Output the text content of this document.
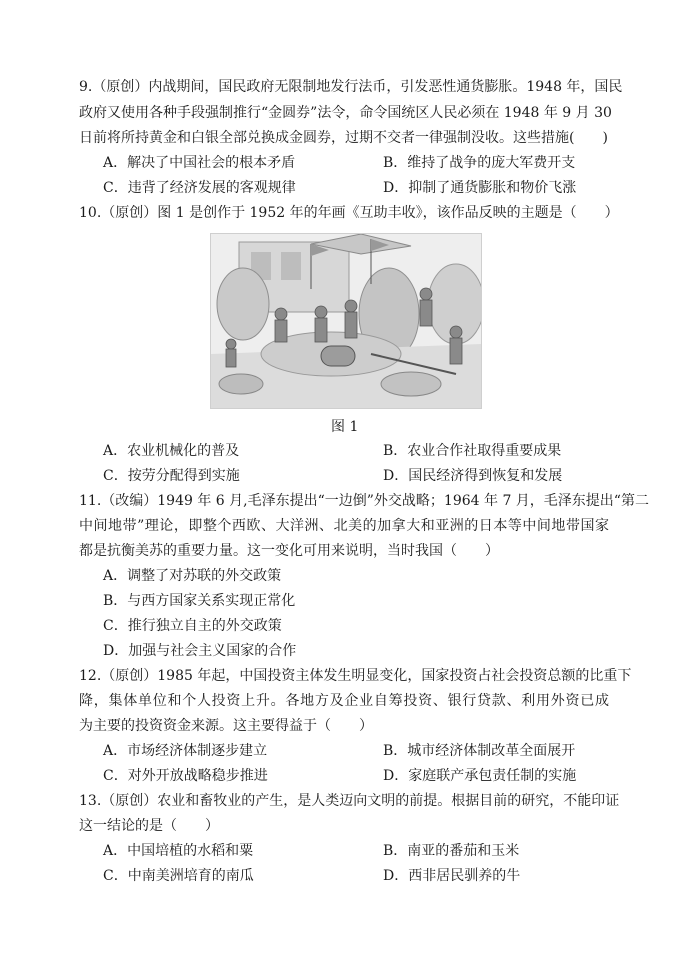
9.（原创）内战期间，国民政府无限制地发行法币，引发恶性通货膨胀。1948 年，国民
政府又使用各种手段强制推行“金圆券”法令，命令国统区人民必须在 1948 年 9 月 30
日前将所持黄金和白银全部兑换成金圆券，过期不交者一律强制没收。这些措施(　　)
A．解决了中国社会的根本矛盾	B．维持了战争的庞大军费开支
C．违背了经济发展的客观规律	D．抑制了通货膨胀和物价飞涨
10.（原创）图 1 是创作于 1952 年的年画《互助丰收》，该作品反映的主题是（　　）
图 1
A．农业机械化的普及	B．农业合作社取得重要成果
C．按劳分配得到实施	D．国民经济得到恢复和发展
11.（改编）1949 年 6 月,毛泽东提出“一边倒”外交战略；1964 年 7 月，毛泽东提出“第二
中间地带”理论，即整个西欧、大洋洲、北美的加拿大和亚洲的日本等中间地带国家
都是抗衡美苏的重要力量。这一变化可用来说明，当时我国（　　）
A．调整了对苏联的外交政策
B．与西方国家关系实现正常化
C．推行独立自主的外交政策
D．加强与社会主义国家的合作
12.（原创）1985 年起，中国投资主体发生明显变化，国家投资占社会投资总额的比重下
降，集体单位和个人投资上升。各地方及企业自筹投资、银行贷款、利用外资已成
为主要的投资资金来源。这主要得益于（　　）
A．市场经济体制逐步建立	B．城市经济体制改革全面展开
C．对外开放战略稳步推进	D．家庭联产承包责任制的实施
13.（原创）农业和畜牧业的产生，是人类迈向文明的前提。根据目前的研究，不能印证
这一结论的是（　　）
A．中国培植的水稻和粟	B．南亚的番茄和玉米
C．中南美洲培育的南瓜	D．西非居民驯养的牛
